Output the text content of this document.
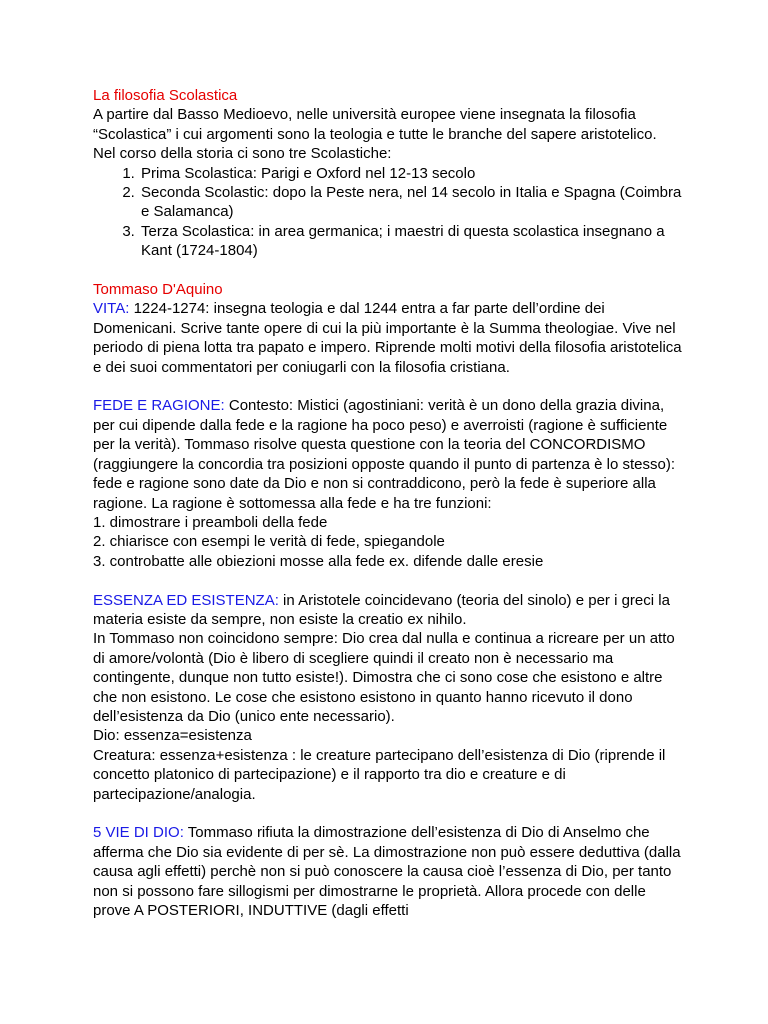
La filosofia Scolastica

A partire dal Basso Medioevo, nelle università europee viene insegnata la filosofia “Scolastica” i cui argomenti sono la teologia e tutte le branche del sapere aristotelico.

Nel corso della storia ci sono tre Scolastiche:

1. Prima Scolastica: Parigi e Oxford nel 12-13 secolo
2. Seconda Scolastic: dopo la Peste nera, nel 14 secolo in Italia e Spagna (Coimbra e Salamanca)
3. Terza Scolastica: in area germanica; i maestri di questa scolastica insegnano a Kant (1724-1804)
Tommaso D'Aquino

VITA: 1224-1274: insegna teologia e dal 1244 entra a far parte dell’ordine dei Domenicani. Scrive tante opere di cui la più importante è la Summa theologiae. Vive nel periodo di piena lotta tra papato e impero. Riprende molti motivi della filosofia aristotelica e dei suoi commentatori per coniugarli con la filosofia cristiana.

FEDE E RAGIONE: Contesto: Mistici (agostiniani: verità è un dono della grazia divina, per cui dipende dalla fede e la ragione ha poco peso) e averroisti (ragione è sufficiente per la verità). Tommaso risolve questa questione con la teoria del CONCORDISMO (raggiungere la concordia tra posizioni opposte quando il punto di partenza è lo stesso): fede e ragione sono date da Dio e non si contraddicono, però la fede è superiore alla ragione. La ragione è sottomessa alla fede e ha tre funzioni:

1. dimostrare i preamboli della fede

2. chiarisce con esempi le verità di fede, spiegandole

3. controbatte alle obiezioni mosse alla fede ex. difende dalle eresie

ESSENZA ED ESISTENZA: in Aristotele coincidevano (teoria del sinolo) e per i greci la materia esiste da sempre, non esiste la creatio ex nihilo.

In Tommaso non coincidono sempre: Dio crea dal nulla e continua a ricreare per un atto di amore/volontà (Dio è libero di scegliere quindi il creato non è necessario ma contingente, dunque non tutto esiste!). Dimostra che ci sono cose che esistono e altre che non esistono. Le cose che esistono esistono in quanto hanno ricevuto il dono dell’esistenza da Dio (unico ente necessario).

Dio: essenza=esistenza

Creatura: essenza+esistenza : le creature partecipano dell’esistenza di Dio (riprende il concetto platonico di partecipazione) e il rapporto tra dio e creature e di partecipazione/analogia.

5 VIE DI DIO: Tommaso rifiuta la dimostrazione dell’esistenza di Dio di Anselmo che afferma che Dio sia evidente di per sè. La dimostrazione non può essere deduttiva (dalla causa agli effetti) perchè non si può conoscere la causa cioè l’essenza di Dio, per tanto non si possono fare sillogismi per dimostrarne le proprietà. Allora procede con delle prove A POSTERIORI, INDUTTIVE (dagli effetti
